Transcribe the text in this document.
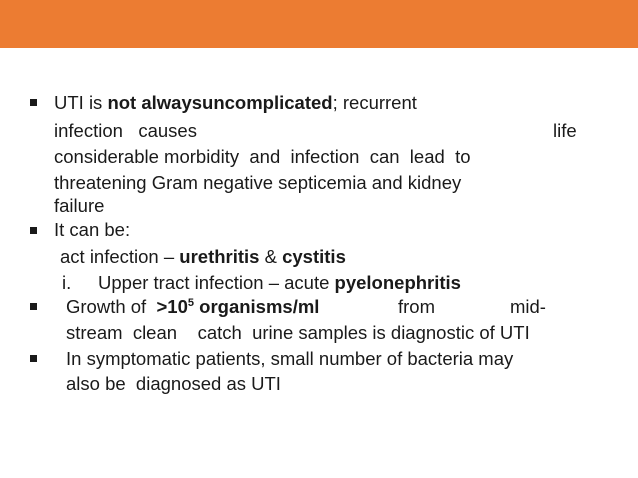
UTI is not alwaysuncomplicated; recurrent
infection   causes	life
considerable morbidity  and  infection  can  lead  to
threatening Gram negative septicemia and kidney
failure
It can be:
act infection – urethritis & cystitis
i. Upper tract infection – acute pyelonephritis
Growth of  $>10^5$ organisms/ml	from	mid-
stream  clean    catch  urine samples is diagnostic of UTI
In symptomatic patients, small number of bacteria may
also be  diagnosed as UTI
